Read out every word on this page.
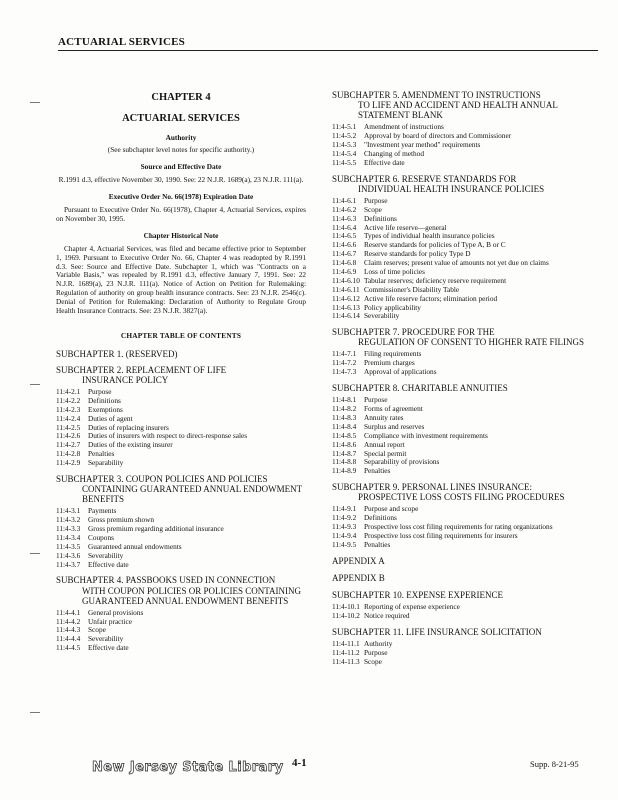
ACTUARIAL SERVICES
CHAPTER 4
ACTUARIAL SERVICES
Authority
(See subchapter level notes for specific authority.)
Source and Effective Date
R.1991 d.3, effective November 30, 1990. See: 22 N.J.R. 1689(a), 23 N.J.R. 111(a).
Executive Order No. 66(1978) Expiration Date
Pursuant to Executive Order No. 66(1978), Chapter 4, Actuarial Services, expires on November 30, 1995.
Chapter Historical Note
Chapter 4, Actuarial Services, was filed and became effective prior to September 1, 1969. Pursuant to Executive Order No. 66, Chapter 4 was readopted by R.1991 d.3. See: Source and Effective Date. Subchapter 1, which was "Contracts on a Variable Basis," was repealed by R.1991 d.3, effective January 7, 1991. See: 22 N.J.R. 1689(a), 23 N.J.R. 111(a). Notice of Action on Petition for Rulemaking: Regulation of authority on group health insurance contracts. See: 23 N.J.R. 2546(c). Denial of Petition for Rulemaking: Declaration of Authority to Regulate Group Health Insurance Contracts. See: 23 N.J.R. 3827(a).
CHAPTER TABLE OF CONTENTS
SUBCHAPTER 1. (RESERVED)
SUBCHAPTER 2. REPLACEMENT OF LIFE
INSURANCE POLICY
11:4-2.1	Purpose
11:4-2.2	Definitions
11:4-2.3	Exemptions
11:4-2.4	Duties of agent
11:4-2.5	Duties of replacing insurers
11:4-2.6	Duties of insurers with respect to direct-response sales
11:4-2.7	Duties of the existing insurer
11:4-2.8	Penalties
11:4-2.9	Separability
SUBCHAPTER 3. COUPON POLICIES AND POLICIES
CONTAINING GUARANTEED ANNUAL ENDOWMENT BENEFITS
11:4-3.1	Payments
11:4-3.2	Gross premium shown
11:4-3.3	Gross premium regarding additional insurance
11:4-3.4	Coupons
11:4-3.5	Guaranteed annual endowments
11:4-3.6	Severability
11:4-3.7	Effective date
SUBCHAPTER 4. PASSBOOKS USED IN CONNECTION
WITH COUPON POLICIES OR POLICIES CONTAINING GUARANTEED ANNUAL ENDOWMENT BENEFITS
11:4-4.1	General provisions
11:4-4.2	Unfair practice
11:4-4.3	Scope
11:4-4.4	Severability
11:4-4.5	Effective date
SUBCHAPTER 5. AMENDMENT TO INSTRUCTIONS
TO LIFE AND ACCIDENT AND HEALTH ANNUAL STATEMENT BLANK
11:4-5.1	Amendment of instructions
11:4-5.2	Approval by board of directors and Commissioner
11:4-5.3	"Investment year method" requirements
11:4-5.4	Changing of method
11:4-5.5	Effective date
SUBCHAPTER 6. RESERVE STANDARDS FOR
INDIVIDUAL HEALTH INSURANCE POLICIES
11:4-6.1	Purpose
11:4-6.2	Scope
11:4-6.3	Definitions
11:4-6.4	Active life reserve—general
11:4-6.5	Types of individual health insurance policies
11:4-6.6	Reserve standards for policies of Type A, B or C
11:4-6.7	Reserve standards for policy Type D
11:4-6.8	Claim reserves; present value of amounts not yet due on claims
11:4-6.9	Loss of time policies
11:4-6.10 Tabular reserves; deficiency reserve requirement
11:4-6.11 Commissioner's Disability Table
11:4-6.12 Active life reserve factors; elimination period
11:4-6.13 Policy applicability
11:4-6.14 Severability
SUBCHAPTER 7. PROCEDURE FOR THE
REGULATION OF CONSENT TO HIGHER RATE FILINGS
11:4-7.1	Filing requirements
11:4-7.2	Premium charges
11:4-7.3	Approval of applications
SUBCHAPTER 8. CHARITABLE ANNUITIES
11:4-8.1	Purpose
11:4-8.2	Forms of agreement
11:4-8.3	Annuity rates
11:4-8.4	Surplus and reserves
11:4-8.5	Compliance with investment requirements
11:4-8.6	Annual report
11:4-8.7	Special permit
11:4-8.8	Separability of provisions
11:4-8.9	Penalties
SUBCHAPTER 9. PERSONAL LINES INSURANCE:
PROSPECTIVE LOSS COSTS FILING PROCEDURES
11:4-9.1	Purpose and scope
11:4-9.2	Definitions
11:4-9.3	Prospective loss cost filing requirements for rating organizations
11:4-9.4	Prospective loss cost filing requirements for insurers
11:4-9.5	Penalties
APPENDIX A
APPENDIX B
SUBCHAPTER 10. EXPENSE EXPERIENCE
11:4-10.1 Reporting of expense experience
11:4-10.2 Notice required
SUBCHAPTER 11. LIFE INSURANCE SOLICITATION
11:4-11.1 Authority
11:4-11.2 Purpose
11:4-11.3 Scope
New Jersey State Library 4-1	Supp. 8-21-95
